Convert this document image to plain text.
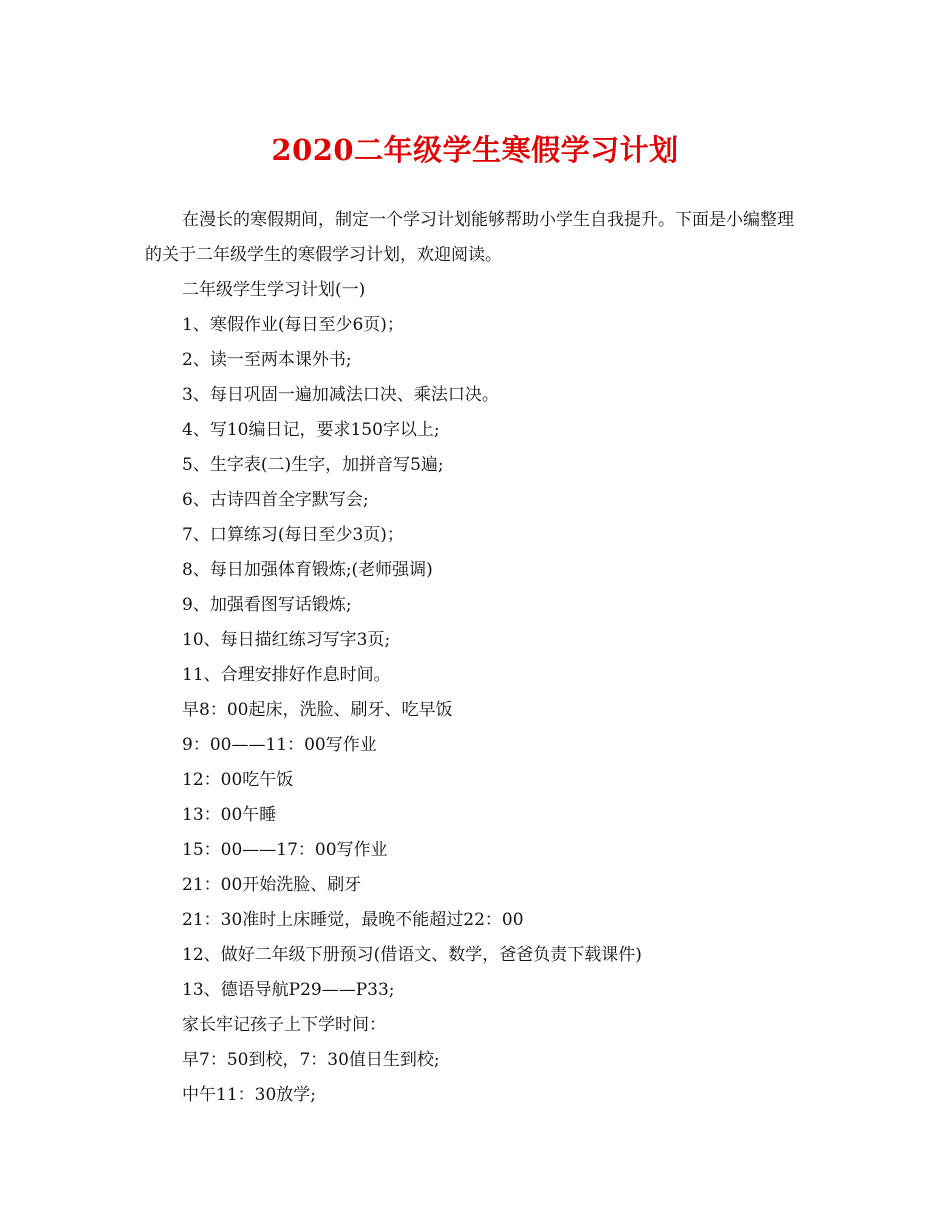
2020二年级学生寒假学习计划

在漫长的寒假期间，制定一个学习计划能够帮助小学生自我提升。下面是小编整理的关于二年级学生的寒假学习计划，欢迎阅读。

二年级学生学习计划(一)
1、寒假作业(每日至少6页)；
2、读一至两本课外书;
3、每日巩固一遍加减法口决、乘法口决。
4、写10编日记，要求150字以上;
5、生字表(二)生字，加拼音写5遍;
6、古诗四首全字默写会;
7、口算练习(每日至少3页)；
8、每日加强体育锻炼;(老师强调)
9、加强看图写话锻炼;
10、每日描红练习写字3页;
11、合理安排好作息时间。
早8：00起床，洗脸、刷牙、吃早饭
9：00——11：00写作业
12：00吃午饭
13：00午睡
15：00——17：00写作业
21：00开始洗脸、刷牙
21：30准时上床睡觉，最晚不能超过22：00
12、做好二年级下册预习(借语文、数学，爸爸负责下载课件)
13、德语导航P29——P33;
家长牢记孩子上下学时间：
早7：50到校，7：30值日生到校;
中午11：30放学;
